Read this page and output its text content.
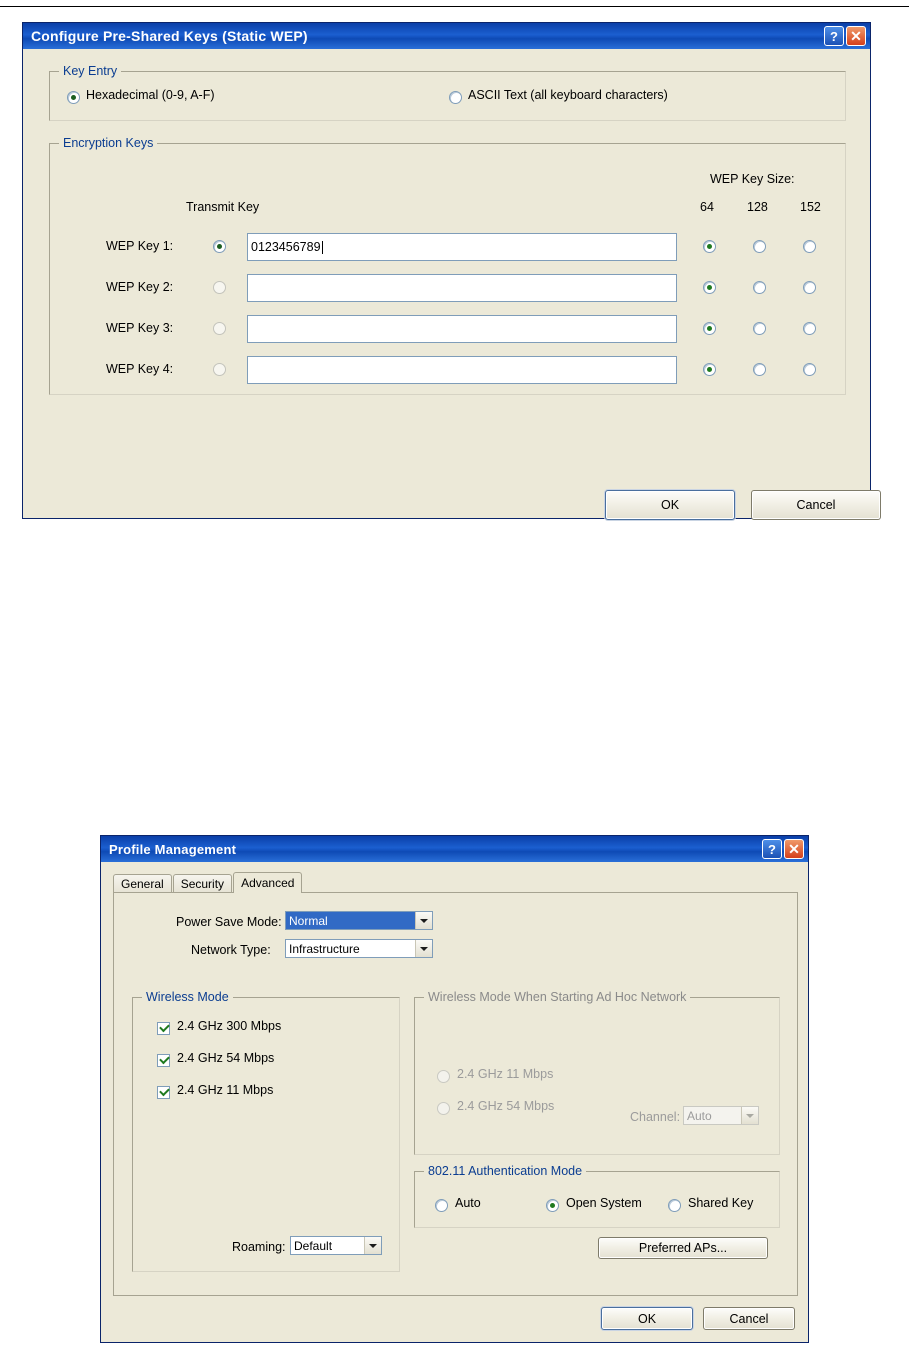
Configure Pre-Shared Keys (Static WEP)	? ✕
Key Entry
Hexadecimal (0-9, A-F)	ASCII Text (all keyboard characters)
Encryption Keys
WEP Key Size:
Transmit Key	64	128	152
WEP Key 1:	0123456789
WEP Key 2:
WEP Key 3:
WEP Key 4:
OK	Cancel
Profile Management	? ✕
General	Security	Advanced
Power Save Mode: Normal
Network Type: Infrastructure
Wireless Mode
2.4 GHz 300 Mbps
2.4 GHz 54 Mbps
2.4 GHz 11 Mbps
Roaming: Default
Wireless Mode When Starting Ad Hoc Network
2.4 GHz 11 Mbps
2.4 GHz 54 Mbps
Channel: Auto
802.11 Authentication Mode
Auto	Open System	Shared Key
Preferred APs...
OK	Cancel
